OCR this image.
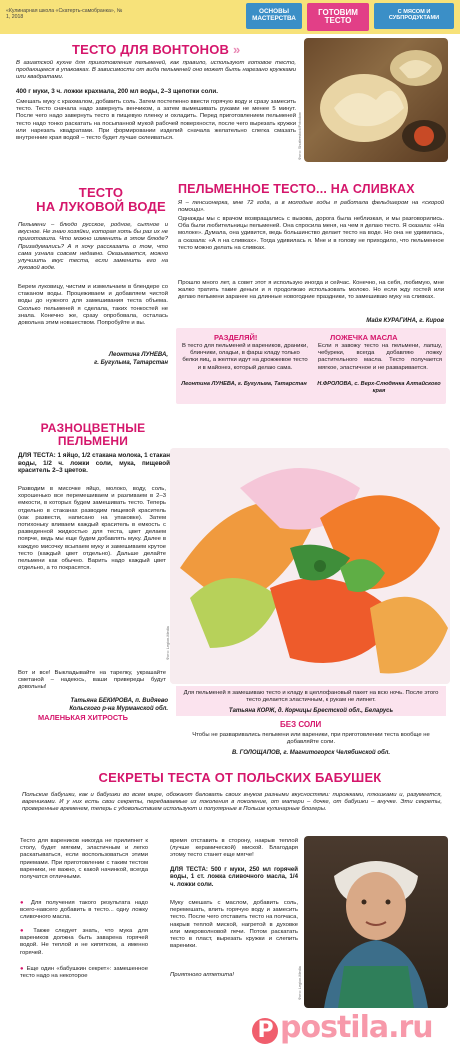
«Кулинарная школа «Скатерть-самобранка», № 1, 2018
ОСНОВЫ МАСТЕРСТВА
ГОТОВИМ ТЕСТО
С МЯСОМ И СУБПРОДУКТАМИ
ТЕСТО ДЛЯ ВОНТОНОВ »
В азиатской кухне для приготовления пельменей, как правило, используют готовое тесто, продающееся в упаковках. В зависимости от вида пельменей оно может быть нарезано кружками или квадратами.
400 г муки, 3 ч. ложки крахмала, 200 мл воды, 2–3 щепотки соли.
Смешать муку с крахмалом, добавить соль. Затем постепенно ввести горячую воду и сразу замесить тесто. Тесто сначала надо завернуть венчиком, а затем вымешивать руками не менее 5 минут. После чего надо завернуть тесто в пищевую пленку и охладить. Перед приготовлением пельменей тесто надо тонко раскатать на посыпанной мукой рабочей поверхности, после чего вырезать кружки или нарезать квадратами. При формировании изделий сначала желательно слегка смазать внутренние края водой – тесто будет лучше склеиваться.	Фото: Shutterstock/Fotodom
ТЕСТО
НА ЛУКОВОЙ ВОДЕ
Пельмени – блюдо русское, родное, сытное и вкусное. Не знаю хозяйки, которая хоть бы раз их не приготовила. Что можно изменить в этом блюде? Призадумались? А я хочу рассказать о том, что сама узнала совсем недавно. Оказывается, можно улучшить вкус теста, если заменить его на луковой воде.
Берем луковицу, чистим и измельчаем в блендере со стаканом воды. Процеживаем и добавляем чистой воды до нужного для замешивания теста объема. Сколько пельменей я сделала, таких тонкостей не знала. Конечно же, сразу опробовала, осталась довольна этим новшеством. Попробуйте и вы.
Леонтина ЛУНЕВА,
г. Бугульма, Татарстан
ПЕЛЬМЕННОЕ ТЕСТО... НА СЛИВКАХ
Я – пенсионерка, мне 72 года, а в молодые годы я работала фельдшером на «скорой помощи».
Однажды мы с врачом возвращались с вызова, дорога была неблизкая, и мы разговорились. Оба были любительницы пельменей. Она спросила меня, на чем я делаю тесто. Я сказала: «На молоке». Думала, она удивится, ведь большинство делает тесто на воде. Но она не удивилась, а сказала: «А я на сливках». Тогда удивилась я. Мне и в голову не приходило, что пельменное тесто можно делать на сливках.
Прошло много лет, а совет этот я использую иногда и сейчас. Конечно, на себя, любимую, мне жалко тратить такие деньги и я продолжаю использовать молоко. Но если жду гостей или делаю пельмени заранее на длинные новогодние праздники, то замешиваю муку на сливках.
Майя КУРАГИНА, г. Киров
РАЗДЕЛЯЙ!
В тесто для пельменей и вареников, драники, блинчики, оладьи, в фарш кладу только белки яиц, а желтки идут на дрожжевое тесто и в майонез, который делаю сама.
Леонтина ЛУНЕВА, г. Бугульма, Татарстан
ЛОЖЕЧКА МАСЛА
Если я завожу тесто на пельмени, лапшу, чебуреки, всегда добавляю ложку растительного масла. Тесто получается мягкое, эластичное и не разваривается.
Н.ФРОЛОВА, с. Верх-Слюдянка Алтайского края
РАЗНОЦВЕТНЫЕ
ПЕЛЬМЕНИ
ДЛЯ ТЕСТА: 1 яйцо, 1/2 стакана молока, 1 стакан воды, 1/2 ч. ложки соли, мука, пищевой краситель 2–3 цветов.
Разводим в мисочке яйцо, молоко, воду, соль, хорошенько все перемешиваем и разливаем в 2–3 емкости, в которых будем замешивать тесто. Теперь отдельно в стаканах разводим пищевой краситель (как развести, написано на упаковке). Затем потихоньку вливаем каждый краситель в емкость с разведенной жидкостью для теста, цвет делаем поярче, ведь мы еще будем добавлять муку. Далее в каждую мисочку всыпаем муку и замешиваем крутое тесто (каждый цвет отдельно). Дальше делайте пельмени как обычно. Варить надо каждый цвет отдельно, а то покрасятся.
Вот и все! Выкладывайте на тарелку, украшайте сметаной – надеюсь, ваши привереды будут довольны!
Татьяна БЕКИРОВА, п. Видяево
Кольского р-на Мурманской обл.
Фото: Legion-Media
Для пельменей я замешиваю тесто и кладу в целлофановый пакет на всю ночь. После этого тесто делается эластичным, к рукам не липнет.
Татьяна КОРЖ, д. Корчицы Брестской обл., Беларусь
БЕЗ СОЛИ
Чтобы не разваривались пельмени или вареники, при приготовлении теста вообще не добавляйте соли.
В. ГОЛОЩАПОВ, г. Магнитогорск Челябинской обл.
МАЛЕНЬКАЯ ХИТРОСТЬ
СЕКРЕТЫ ТЕСТА ОТ ПОЛЬСКИХ БАБУШЕК
Польские бабушки, как и бабушки во всем мире, обожают баловать своих внуков разными вкусностями: пирожками, плюшками и, разумеется, варениками. И у них есть свои секреты, передаваемые из поколения в поколение, от матери – дочке, от бабушки – внучке. Эти секреты, проверенные временем, теперь с удовольствием используют и популярные в Польше кулинарные блогеры.
Тесто для вареников никогда не прилипнет к столу, будет мягким, эластичным и легко раскатываться, если воспользоваться этими приемами. При приготовлении с таким тестом вареники, не важно, с какой начинкой, всегда получатся отличными.
● Для получения такого результата надо всего-навсего добавить в тесто... одну ложку сливочного масла.
● Также следует знать, что мука для вареников должна быть заварена горячей водой. Не теплой и не кипятком, а именно горячей.
● Еще один «бабушкин секрет»: замешенное тесто надо на некоторое
время отставить в сторону, накрыв теплой (лучше керамической) миской. Благодаря этому тесто станет еще мягче!
ДЛЯ ТЕСТА: 500 г муки, 250 мл горячей воды, 1 ст. ложка сливочного масла, 1/4 ч. ложки соли.
Муку смешать с маслом, добавить соль, перемешать, влить горячую воду и замесить тесто. После чего отставить тесто на полчаса, накрыв теплой миской, нагретой в духовке или микроволновой печи. Потом раскатать тесто в пласт, вырезать кружки и слепить вареники.
Приятного аппетита!	Фото: Legion-Media
P postila.ru
